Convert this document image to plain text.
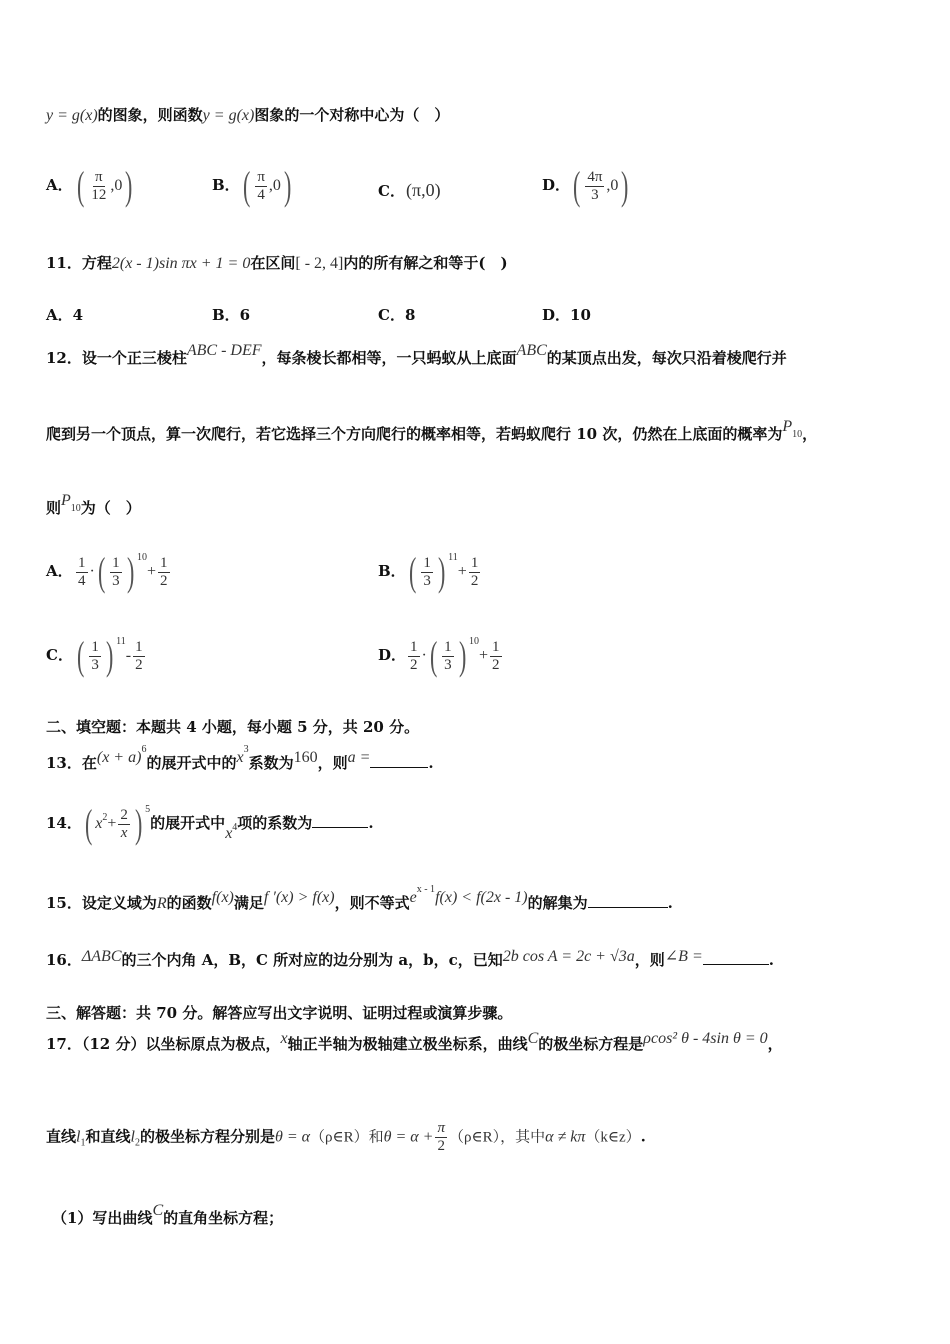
y = g(x)的图象，则函数y = g(x)图象的一个对称中心为（　）
A． ( $\frac{\pi}{12} ,0$)	B．( $\frac{\pi}{4} ,0$)	C．(π,0)	D．( $\frac{4\pi}{3} ,0$)
11．方程2(x - 1)sin πx + 1 = 0在区间[ - 2, 4]内的所有解之和等于(　)
A．4	B．6	C．8	D．10
12．设一个正三棱柱ABC - DEF，每条棱长都相等，一只蚂蚁从上底面ABC的某顶点出发，每次只沿着棱爬行并
爬到另一个顶点，算一次爬行，若它选择三个方向爬行的概率相等，若蚂蚁爬行 10 次，仍然在上底面的概率为$P^{10}$，
则$P^{10}$为（　）
A． $\frac{1}{4}$ ·( $\frac{1}{3}$ ) $^{10}+ \frac{1}{2}$	B．( $\frac{1}{3}$ ) $^{11}+ \frac{1}{2}$
C． ( $\frac{1}{3}$ ) $^{11}- \frac{1}{2}$	D． $\frac{1}{2}$ ·( $\frac{1}{3}$ ) $^{10}+ \frac{1}{2}$
二、填空题：本题共 4 小题，每小题 5 分，共 20 分。
13．在$(x + a)^6$的展开式中的$x^3$系数为160，则a =	.
14．( $x^2+ \frac{2}{x}$ ) $^5$的展开式中$x_4$项的系数为	.
15．设定义域为R的函数f(x)满足f ′(x) > f(x)，则不等式$e^{x - 1}f(x) < f(2x - 1)$的解集为	.
16．ΔABC的三个内角 A，B，C 所对应的边分别为 a，b，c，已知2b cos A = 2c + √3a，则∠B =	.
三、解答题：共 70 分。解答应写出文字说明、证明过程或演算步骤。
17．（12 分）以坐标原点为极点，x轴正半轴为极轴建立极坐标系，曲线C的极坐标方程是ρcos² θ - 4sin θ = 0，
直线$l_1$和直线$l_2$的极坐标方程分别是θ = α（ρ∈R）和$\theta = \alpha + \frac{\pi}{2}$ （ρ∈R），其中α ≠ kπ（k∈z）.
（1）写出曲线C的直角坐标方程；
